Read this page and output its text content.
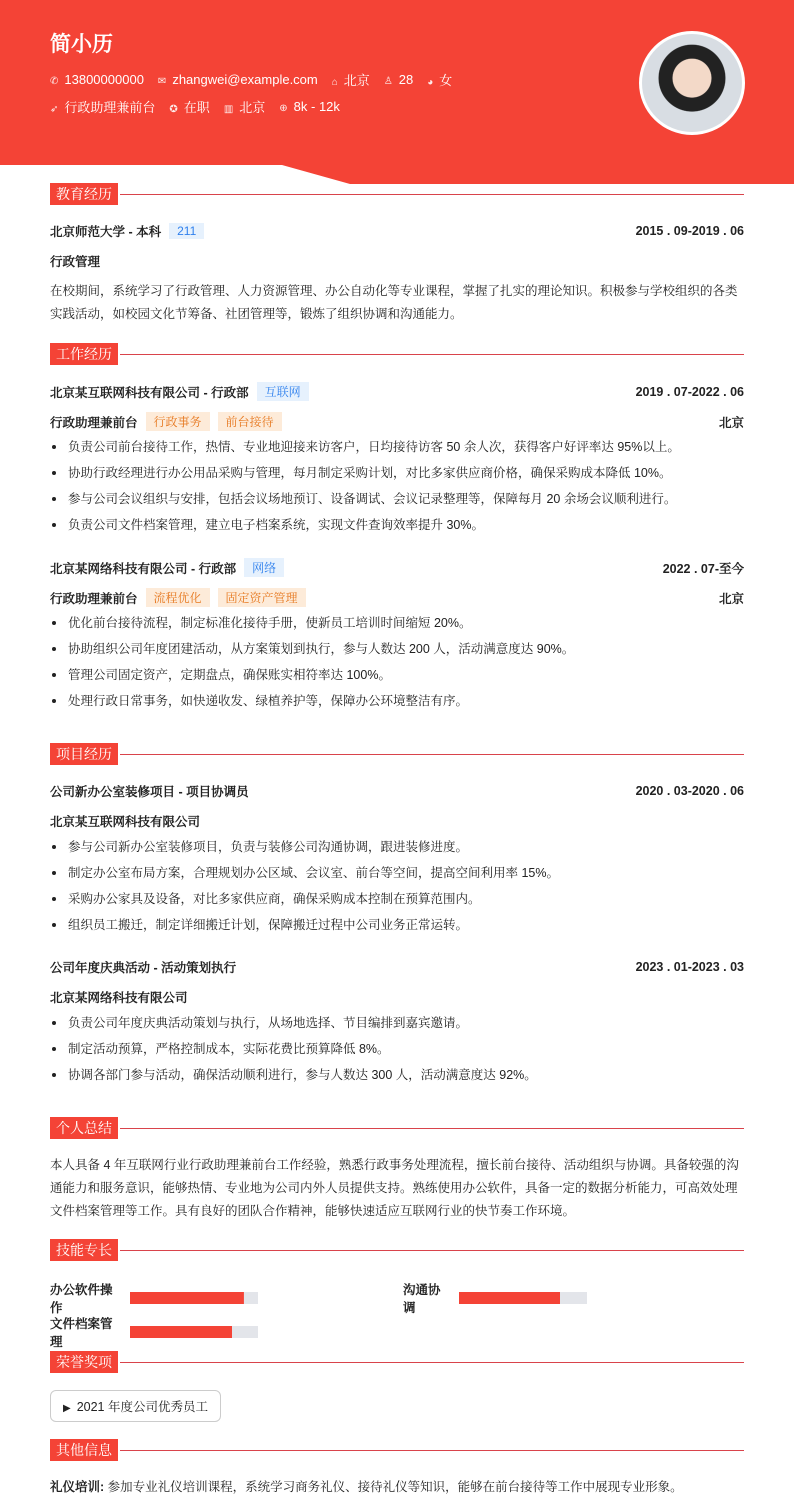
简小历
✆ 13800000000 ✉ zhangwei@example.com ⌂ 北京 ♙ 28 ◕ 女
➶ 行政助理兼前台 ✪ 在职 ▥ 北京 ⊕ 8k - 12k
教育经历
北京师范大学 - 本科	211	2015 . 09-2019 . 06
行政管理
在校期间，系统学习了行政管理、人力资源管理、办公自动化等专业课程，掌握了扎实的理论知识。积极参与学校组织的各类实践活动，如校园文化节筹备、社团管理等，锻炼了组织协调和沟通能力。
工作经历
北京某互联网科技有限公司 - 行政部	互联网	2019 . 07-2022 . 06
行政助理兼前台	行政事务	前台接待	北京
负责公司前台接待工作，热情、专业地迎接来访客户，日均接待访客 50 余人次，获得客户好评率达 95%以上。
协助行政经理进行办公用品采购与管理，每月制定采购计划，对比多家供应商价格，确保采购成本降低 10%。
参与公司会议组织与安排，包括会议场地预订、设备调试、会议记录整理等，保障每月 20 余场会议顺利进行。
负责公司文件档案管理，建立电子档案系统，实现文件查询效率提升 30%。
北京某网络科技有限公司 - 行政部	网络	2022 . 07-至今
行政助理兼前台	流程优化	固定资产管理	北京
优化前台接待流程，制定标准化接待手册，使新员工培训时间缩短 20%。
协助组织公司年度团建活动，从方案策划到执行，参与人数达 200 人，活动满意度达 90%。
管理公司固定资产，定期盘点，确保账实相符率达 100%。
处理行政日常事务，如快递收发、绿植养护等，保障办公环境整洁有序。
项目经历
公司新办公室装修项目 - 项目协调员	2020 . 03-2020 . 06
北京某互联网科技有限公司
参与公司新办公室装修项目，负责与装修公司沟通协调，跟进装修进度。
制定办公室布局方案，合理规划办公区域、会议室、前台等空间，提高空间利用率 15%。
采购办公家具及设备，对比多家供应商，确保采购成本控制在预算范围内。
组织员工搬迁，制定详细搬迁计划，保障搬迁过程中公司业务正常运转。
公司年度庆典活动 - 活动策划执行	2023 . 01-2023 . 03
北京某网络科技有限公司
负责公司年度庆典活动策划与执行，从场地选择、节目编排到嘉宾邀请。
制定活动预算，严格控制成本，实际花费比预算降低 8%。
协调各部门参与活动，确保活动顺利进行，参与人数达 300 人，活动满意度达 92%。
个人总结
本人具备 4 年互联网行业行政助理兼前台工作经验，熟悉行政事务处理流程，擅长前台接待、活动组织与协调。具备较强的沟通能力和服务意识，能够热情、专业地为公司内外人员提供支持。熟练使用办公软件，具备一定的数据分析能力，可高效处理文件档案管理等工作。具有良好的团队合作精神，能够快速适应互联网行业的快节奏工作环境。
技能专长
办公软件操作
沟通协调
文件档案管理
荣誉奖项
▶ 2021 年度公司优秀员工
其他信息
礼仪培训: 参加专业礼仪培训课程，系统学习商务礼仪、接待礼仪等知识，能够在前台接待等工作中展现专业形象。
